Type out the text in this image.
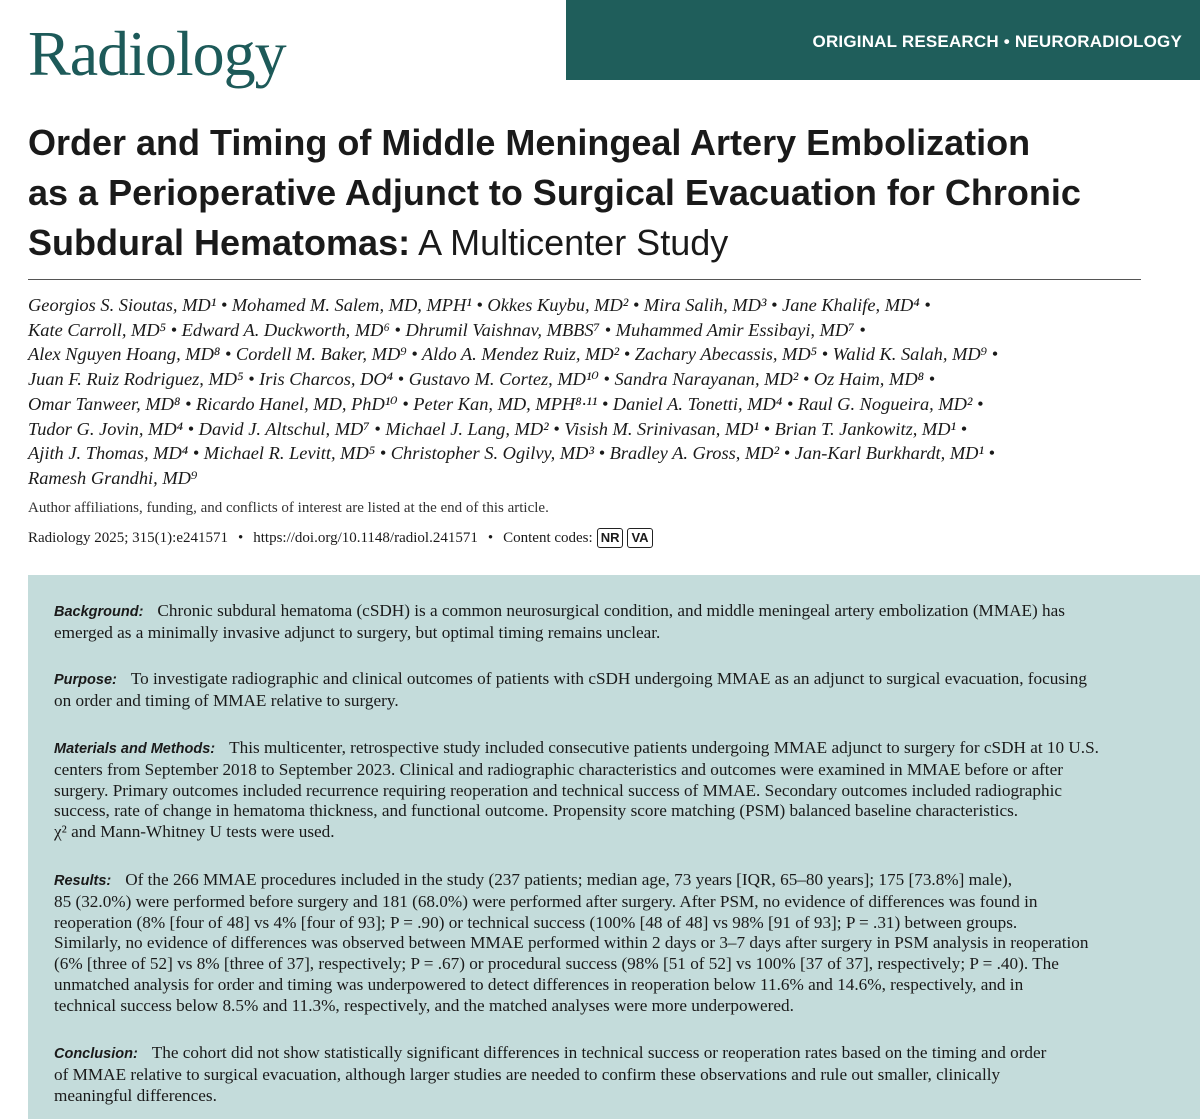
Radiology	ORIGINAL RESEARCH • NEURORADIOLOGY
Order and Timing of Middle Meningeal Artery Embolization
as a Perioperative Adjunct to Surgical Evacuation for Chronic
Subdural Hematomas: A Multicenter Study
Georgios S. Sioutas, MD¹ • Mohamed M. Salem, MD, MPH¹ • Okkes Kuybu, MD² • Mira Salih, MD³ • Jane Khalife, MD⁴ •
Kate Carroll, MD⁵ • Edward A. Duckworth, MD⁶ • Dhrumil Vaishnav, MBBS⁷ • Muhammed Amir Essibayi, MD⁷ •
Alex Nguyen Hoang, MD⁸ • Cordell M. Baker, MD⁹ • Aldo A. Mendez Ruiz, MD² • Zachary Abecassis, MD⁵ • Walid K. Salah, MD⁹ •
Juan F. Ruiz Rodriguez, MD⁵ • Iris Charcos, DO⁴ • Gustavo M. Cortez, MD¹⁰ • Sandra Narayanan, MD² • Oz Haim, MD⁸ •
Omar Tanweer, MD⁸ • Ricardo Hanel, MD, PhD¹⁰ • Peter Kan, MD, MPH⁸·¹¹ • Daniel A. Tonetti, MD⁴ • Raul G. Nogueira, MD² •
Tudor G. Jovin, MD⁴ • David J. Altschul, MD⁷ • Michael J. Lang, MD² • Visish M. Srinivasan, MD¹ • Brian T. Jankowitz, MD¹ •
Ajith J. Thomas, MD⁴ • Michael R. Levitt, MD⁵ • Christopher S. Ogilvy, MD³ • Bradley A. Gross, MD² • Jan-Karl Burkhardt, MD¹ •
Ramesh Grandhi, MD⁹
Author affiliations, funding, and conflicts of interest are listed at the end of this article.
Radiology 2025; 315(1):e241571 • https://doi.org/10.1148/radiol.241571 • Content codes: NR VA
Background: Chronic subdural hematoma (cSDH) is a common neurosurgical condition, and middle meningeal artery embolization (MMAE) has
emerged as a minimally invasive adjunct to surgery, but optimal timing remains unclear.
Purpose: To investigate radiographic and clinical outcomes of patients with cSDH undergoing MMAE as an adjunct to surgical evacuation, focusing
on order and timing of MMAE relative to surgery.
Materials and Methods: This multicenter, retrospective study included consecutive patients undergoing MMAE adjunct to surgery for cSDH at 10 U.S.
centers from September 2018 to September 2023. Clinical and radiographic characteristics and outcomes were examined in MMAE before or after
surgery. Primary outcomes included recurrence requiring reoperation and technical success of MMAE. Secondary outcomes included radiographic
success, rate of change in hematoma thickness, and functional outcome. Propensity score matching (PSM) balanced baseline characteristics.
χ² and Mann-Whitney U tests were used.
Results: Of the 266 MMAE procedures included in the study (237 patients; median age, 73 years [IQR, 65–80 years]; 175 [73.8%] male),
85 (32.0%) were performed before surgery and 181 (68.0%) were performed after surgery. After PSM, no evidence of differences was found in
reoperation (8% [four of 48] vs 4% [four of 93]; P = .90) or technical success (100% [48 of 48] vs 98% [91 of 93]; P = .31) between groups.
Similarly, no evidence of differences was observed between MMAE performed within 2 days or 3–7 days after surgery in PSM analysis in reoperation
(6% [three of 52] vs 8% [three of 37], respectively; P = .67) or procedural success (98% [51 of 52] vs 100% [37 of 37], respectively; P = .40). The
unmatched analysis for order and timing was underpowered to detect differences in reoperation below 11.6% and 14.6%, respectively, and in
technical success below 8.5% and 11.3%, respectively, and the matched analyses were more underpowered.
Conclusion: The cohort did not show statistically significant differences in technical success or reoperation rates based on the timing and order
of MMAE relative to surgical evacuation, although larger studies are needed to confirm these observations and rule out smaller, clinically
meaningful differences.
